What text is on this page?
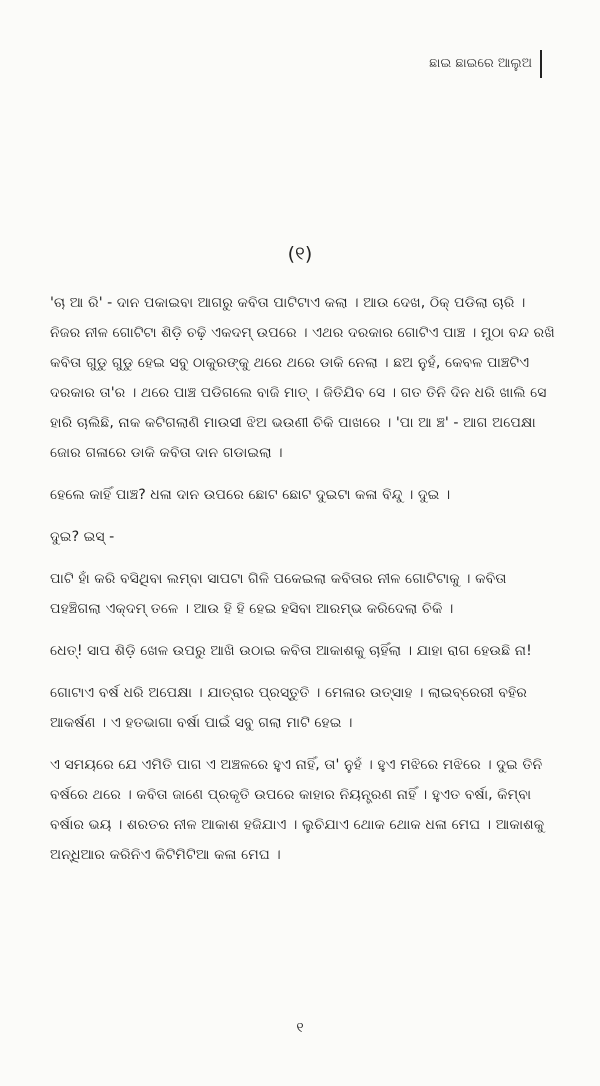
ଛାଇ ଛାଇରେ ଆଲୁଅ
(୧)

'ଚା ଆ ରି' - ଦାନ ପକାଇବା ଆଗରୁ କବିତା ପାଟିଟାଏ କଲା । ଆଉ ଦେଖ, ଠିକ୍ ପଡିଲା ଚାରି । ନିଜର ନୀଳ ଗୋଟିଟା ଶିଡ଼ି ଚଢ଼ି ଏକଦମ୍ ଉପରେ । ଏଥର ଦରକାର ଗୋଟିଏ ପାଞ୍ଚ । ମୁଠା ବନ୍ଦ ରଖି କବିତା ଗୁଡୁ ଗୁଡୁ ହେଇ ସବୁ ଠାକୁରଙ୍କୁ ଥରେ ଥରେ ଡାକି ନେଲା । ଛଅ ନୁହଁ, କେବଳ ପାଞ୍ଚଟିଏ ଦରକାର ତା'ର । ଥରେ ପାଞ୍ଚ ପଡିଗଲେ ବାଜି ମାତ୍ । ଜିତିଯିବ ସେ । ଗତ ତିନି ଦିନ ଧରି ଖାଲି ସେ ହାରି ଚାଲିଛି, ନାକ କଟିଗଲାଣି ମାଉସୀ ଝିଅ ଭଉଣୀ ଚିକି ପାଖରେ । 'ପା ଆ ଞ୍ଚ' - ଆଗ ଅପେକ୍ଷା ଜୋର ଗଳାରେ ଡାକି କବିତା ଦାନ ଗଡାଇଲା ।

ହେଲେ କାହିଁ ପାଞ୍ଚ? ଧଳା ଦାନ ଉପରେ ଛୋଟ ଛୋଟ ଦୁଇଟା କଳା ବିନ୍ଦୁ । ଦୁଇ ।

ଦୁଇ? ଇସ୍ -

ପାଟି ହାଁ କରି ବସିଥିବା ଲମ୍ବା ସାପଟା ଗିଳି ପକେଇଲା କବିତାର ନୀଳ ଗୋଟିଟାକୁ । କବିତା ପହଞ୍ଚିଗଲା ଏକ୍ଦମ୍ ତଳେ । ଆଉ ହି ହି ହେଇ ହସିବା ଆରମ୍ଭ କରିଦେଲା ଚିକି ।

ଧେତ୍! ସାପ ଶିଡ଼ି ଖେଳ ଉପରୁ ଆଖି ଉଠାଇ କବିତା ଆକାଶକୁ ଚାହିଁଲା । ଯାହା ରାଗ ହେଉଛି ନା!

ଗୋଟାଏ ବର୍ଷ ଧରି ଅପେକ୍ଷା । ଯାତ୍ରାର ପ୍ରସ୍ତୁତି । ମେଳାର ଉତ୍ସାହ । ଲାଇବ୍ରେରୀ ବହିର ଆକର୍ଷଣ । ଏ ହତଭାଗା ବର୍ଷା ପାଇଁ ସବୁ ଗଲା ମାଟି ହେଇ ।

ଏ ସମୟରେ ଯେ ଏମିତି ପାଗ ଏ ଅଞ୍ଚଳରେ ହୁଏ ନାହିଁ, ତା' ନୁହଁ । ହୁଏ ମଝିରେ ମଝିରେ । ଦୁଇ ତିନି ବର୍ଷରେ ଥରେ । କବିତା ଜାଣେ ପ୍ରକୃତି ଉପରେ କାହାର ନିୟନ୍ତ୍ରଣ ନାହିଁ । ହୁଏତ ବର୍ଷା, କିମ୍ବା ବର୍ଷାର ଭୟ । ଶରତର ନୀଳ ଆକାଶ ହଜିଯାଏ । ଲୁଚିଯାଏ ଥୋକ ଥୋକ ଧଳା ମେଘ । ଆକାଶକୁ ଅନ୍ଧିଆର କରିନିଏ କିଟିମିଟିଆ କଳା ମେଘ ।

୧
